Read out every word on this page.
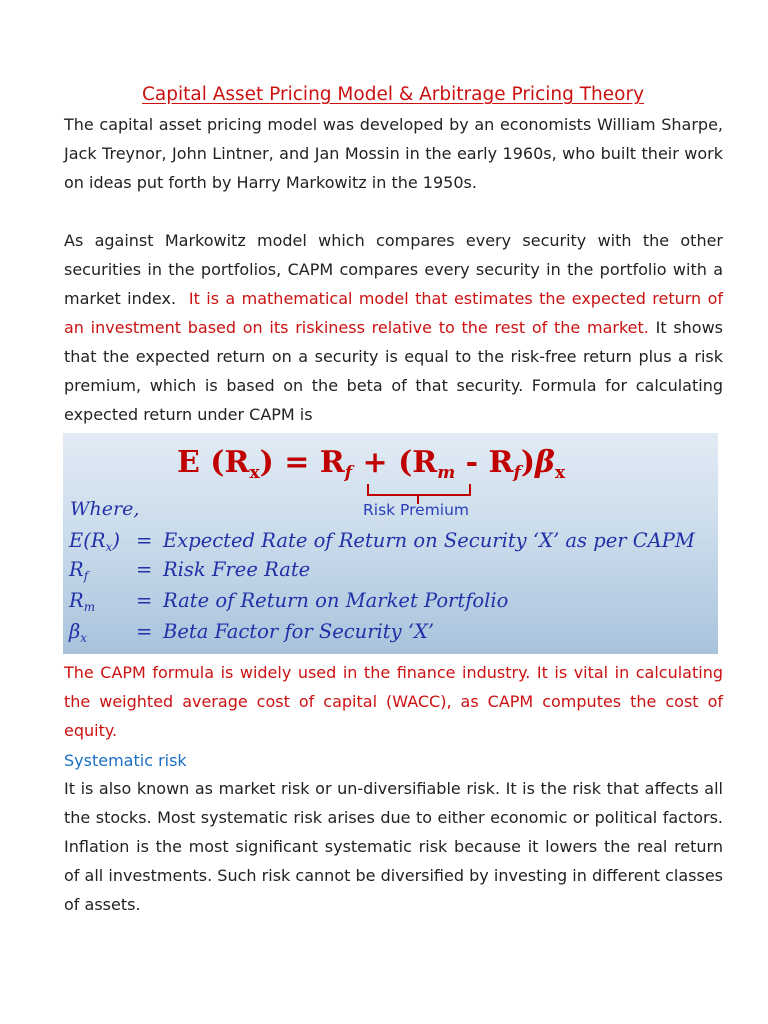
Capital Asset Pricing Model & Arbitrage Pricing Theory

The capital asset pricing model was developed by an economists William Sharpe, Jack Treynor, John Lintner, and Jan Mossin in the early 1960s, who built their work on ideas put forth by Harry Markowitz in the 1950s.

As against Markowitz model which compares every security with the other securities in the portfolios, CAPM compares every security in the portfolio with a market index. It is a mathematical model that estimates the expected return of an investment based on its riskiness relative to the rest of the market. It shows that the expected return on a security is equal to the risk-free return plus a risk premium, which is based on the beta of that security. Formula for calculating expected return under CAPM is

E $(R_x) = R_f + (R_m - R_f)\beta_x$
Risk Premium
Where,
$E(R_x)$ = Expected Rate of Return on Security ‘X’ as per CAPM
$R_f$ = Risk Free Rate
$R_m$ = Rate of Return on Market Portfolio
$\beta_x$	= Beta Factor for Security ‘X’

The CAPM formula is widely used in the finance industry. It is vital in calculating the weighted average cost of capital (WACC), as CAPM computes the cost of equity.

Systematic risk

It is also known as market risk or un-diversifiable risk. It is the risk that affects all the stocks. Most systematic risk arises due to either economic or political factors. Inflation is the most significant systematic risk because it lowers the real return of all investments. Such risk cannot be diversified by investing in different classes of assets.
